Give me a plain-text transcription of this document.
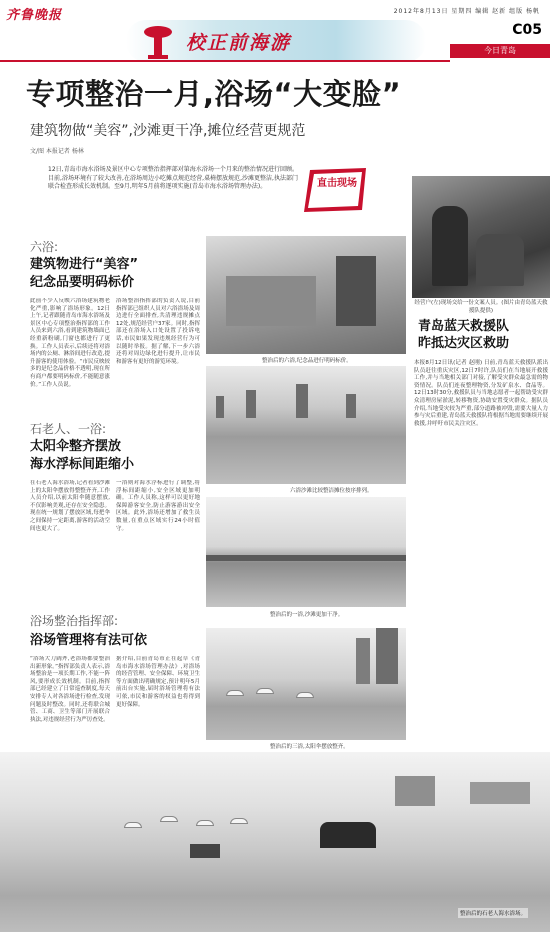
齐鲁晚报	2012年8月13日 星期四 编辑 赵新 组版 杨帆
C05
校正前海游	今日青岛
专项整治一月,浴场“大变脸”
建筑物做“美容”,沙滩更干净,摊位经营更规范
文/图 本报记者 杨林
12日,青岛市海水浴场及景区中心专项整治指挥部对第海水浴场一个月来的整治情况进行回顾。目前,浴场环境有了较大改善,在浴场周边小吃摊点规范经营,桌椅摆放规范,沙滩更整洁,执法部门联合检查形成长效机制。至9月,明年5月前将逐项实施(青岛市海水浴场管理办法)。	直击现场
经营户(左)现场交给一份文案人员。(图片由青岛蓝天救援队提供)
青岛蓝天救援队
昨抵达灾区救助
本报8月12日讯(记者 赵刚) 日前,青岛蓝天救援队派出队员赶往重庆灾区,12日7时许,队员们在当地展开救援工作,并与当地相关部门对接,了解受灾群众最急需的物资情况。队员们连夜整理物资,分发矿泉水、食品等。12日13时30分,救援队员与当地志愿者一起帮助受灾群众清理房屋淤泥,转移物资,协助安置受灾群众。据队员介绍,当地受灾较为严重,部分道路被冲毁,需要大量人力参与灾后重建,青岛蓝天救援队将根据当地需要继续开展救援,并呼吁市民关注灾区。
六浴:
建筑物进行“美容”
纪念品要明码标价
此前不少人反映六浴场建筑物老化严重,影响了浴场形象。12日上午,记者跟随青岛市海水浴场及景区中心专项整治指挥部的工作人员来到六浴,看到建筑物墙面已经重新粉刷,门窗也都进行了更换。工作人员表示,后续还将对浴场内的公厕、淋浴间进行改造,提升游客的使用体验。“市民反映较多的是纪念品价格不透明,现在所有商户都要明码标价,不能随意涨价。”工作人员说。
浴场整治指挥部的负责人说,目前指挥部已组织人员对六浴浴场及周边进行全面排查,共清理违规摊点12处,规范经营户37家。同时,指挥部还在浴场入口处设置了投诉电话,市民如果发现违规经营行为可以随时举报。据了解,下一步六浴还将对周边绿化进行提升,让市民和游客有更好的游览环境。	整治后的六浴,纪念品进行明码标价。
六浴沙滩比较整洁摊位按序排列。
石老人、一浴:
太阳伞整齐摆放
海水浮标间距缩小
在石老人海水浴场,记者看到沙滩上的太阳伞摆放得整整齐齐,工作人员介绍,以前太阳伞随意摆放,不仅影响美观,还存在安全隐患。现在统一规划了摆放区域,每把伞之间保持一定距离,游客的活动空间也更大了。
一浴则对海水浮标进行了调整,将浮标间距缩小,安全区域更加明确。工作人员称,这样可以更好地保障游客安全,防止游客游出安全区域。此外,浴场还增加了救生员数量,在重点区域实行24小时值守。
整治后的一浴,沙滩更加干净。
浴场整治指挥部:
浴场管理将有法可依
“浴场大刀阔斧,老浴场都要整治出新形象。”指挥部负责人表示,浴场整治是一项长期工作,不能一阵风,要形成长效机制。目前,指挥部已经建立了日常巡查制度,每天安排专人对各浴场进行检查,发现问题及时整改。同时,还将联合城管、工商、卫生等部门开展联合执法,对违规经营行为严厉查处。
据介绍,目前青岛市正在起草《青岛市海水浴场管理办法》,对浴场的经营管理、安全保障、环境卫生等方面做出明确规定,预计明年5月前出台实施,届时浴场管理将有法可依,市民和游客的权益也将得到更好保障。
整治后的三浴,太阳伞摆放整齐。
整治后的石老人海水浴场。
